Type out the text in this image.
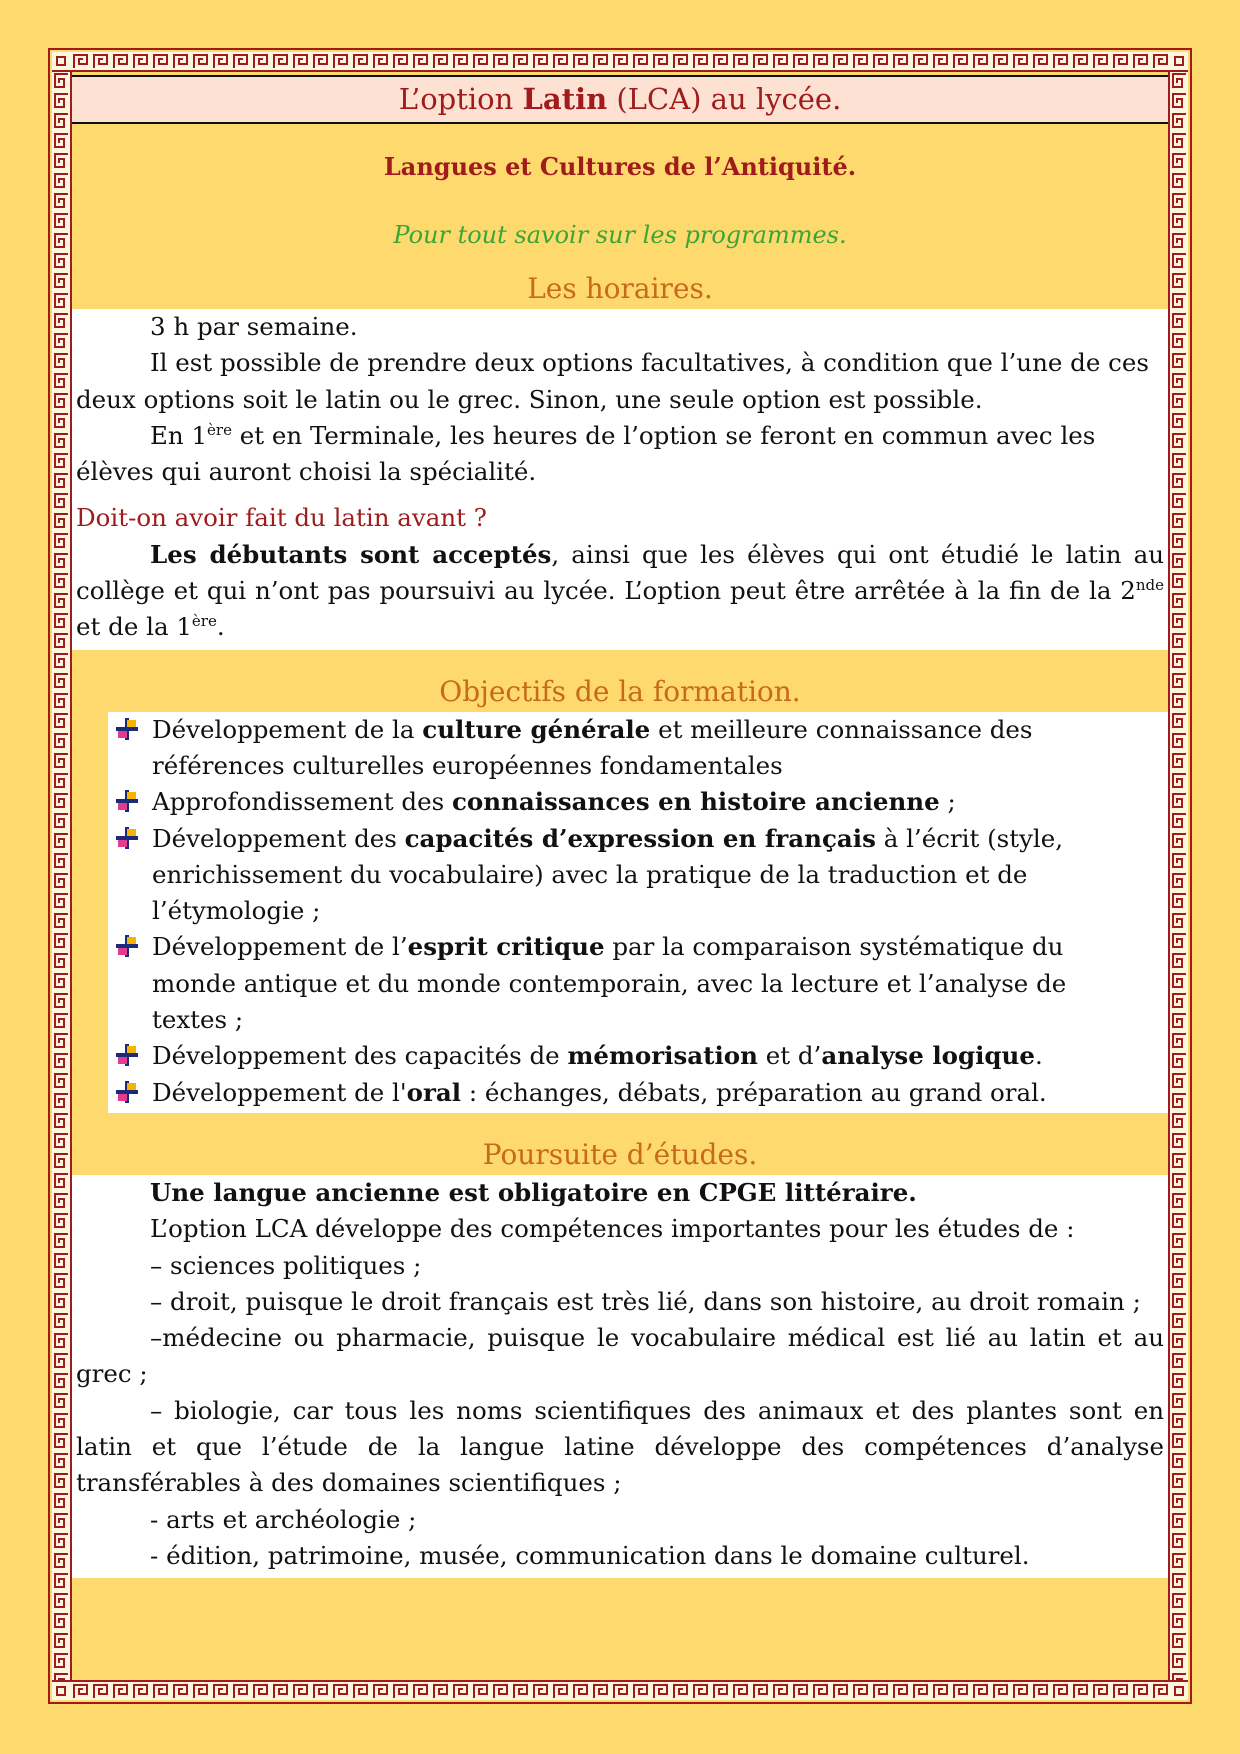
L’option Latin (LCA) au lycée.
Langues et Cultures de l’Antiquité.
Pour tout savoir sur les programmes.
Les horaires.

3 h par semaine.

Il est possible de prendre deux options facultatives, à condition que l’une de ces deux options soit le latin ou le grec. Sinon, une seule option est possible.

En 1ère et en Terminale, les heures de l’option se feront en commun avec les élèves qui auront choisi la spécialité.

Doit-on avoir fait du latin avant ?

Les débutants sont acceptés, ainsi que les élèves qui ont étudié le latin au collège et qui n’ont pas poursuivi au lycée. L’option peut être arrêtée à la fin de la 2nde et de la 1ère.

Objectifs de la formation.
Développement de la culture générale et meilleure connaissance des références culturelles européennes fondamentales
Approfondissement des connaissances en histoire ancienne ;
Développement des capacités d’expression en français à l’écrit (style, enrichissement du vocabulaire) avec la pratique de la traduction et de l’étymologie ;
Développement de l’esprit critique par la comparaison systématique du monde antique et du monde contemporain, avec la lecture et l’analyse de textes ;
Développement des capacités de mémorisation et d’analyse logique.
Développement de l'oral : échanges, débats, préparation au grand oral.
Poursuite d’études.

Une langue ancienne est obligatoire en CPGE littéraire.

L’option LCA développe des compétences importantes pour les études de :

– sciences politiques ;

– droit, puisque le droit français est très lié, dans son histoire, au droit romain ;

–médecine ou pharmacie, puisque le vocabulaire médical est lié au latin et au grec ;

– biologie, car tous les noms scientifiques des animaux et des plantes sont en latin et que l’étude de la langue latine développe des compétences d’analyse transférables à des domaines scientifiques ;

- arts et archéologie ;

- édition, patrimoine, musée, communication dans le domaine culturel.
